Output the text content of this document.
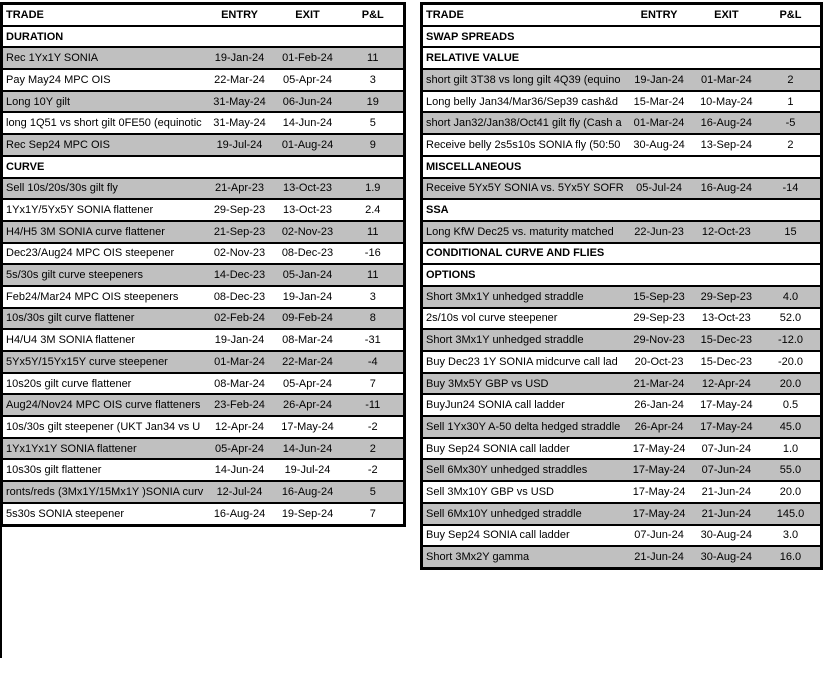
TRADE	ENTRY	EXIT	P&L
DURATION			
Rec 1Yx1Y SONIA	19-Jan-24	01-Feb-24	11
Pay May24 MPC OIS	22-Mar-24	05-Apr-24	3
Long 10Y gilt	31-May-24	06-Jun-24	19
long 1Q51 vs short gilt 0FE50 (equinotic	31-May-24	14-Jun-24	5
Rec Sep24 MPC OIS	19-Jul-24	01-Aug-24	9
CURVE			
Sell 10s/20s/30s gilt fly	21-Apr-23	13-Oct-23	1.9
1Yx1Y/5Yx5Y SONIA flattener	29-Sep-23	13-Oct-23	2.4
H4/H5 3M SONIA curve flattener	21-Sep-23	02-Nov-23	11
Dec23/Aug24 MPC OIS steepener	02-Nov-23	08-Dec-23	-16
5s/30s gilt curve steepeners	14-Dec-23	05-Jan-24	11
Feb24/Mar24 MPC OIS steepeners	08-Dec-23	19-Jan-24	3
10s/30s gilt curve flattener	02-Feb-24	09-Feb-24	8
H4/U4 3M SONIA flattener	19-Jan-24	08-Mar-24	-31
5Yx5Y/15Yx15Y curve steepener	01-Mar-24	22-Mar-24	-4
10s20s gilt curve flattener	08-Mar-24	05-Apr-24	7
Aug24/Nov24 MPC OIS curve flatteners	23-Feb-24	26-Apr-24	-11
10s/30s gilt steepener (UKT Jan34 vs U	12-Apr-24	17-May-24	-2
1Yx1Yx1Y SONIA flattener	05-Apr-24	14-Jun-24	2
10s30s gilt flattener	14-Jun-24	19-Jul-24	-2
ronts/reds (3Mx1Y/15Mx1Y )SONIA curv	12-Jul-24	16-Aug-24	5
5s30s SONIA steepener	16-Aug-24	19-Sep-24	7
TRADE	ENTRY	EXIT	P&L
SWAP SPREADS			
RELATIVE VALUE			
short gilt 3T38 vs long gilt 4Q39 (equino	19-Jan-24	01-Mar-24	2
Long belly Jan34/Mar36/Sep39 cash&d	15-Mar-24	10-May-24	1
short Jan32/Jan38/Oct41 gilt fly (Cash a	01-Mar-24	16-Aug-24	-5
Receive belly 2s5s10s SONIA fly (50:50	30-Aug-24	13-Sep-24	2
MISCELLANEOUS			
Receive 5Yx5Y SONIA vs. 5Yx5Y SOFR	05-Jul-24	16-Aug-24	-14
SSA			
Long KfW Dec25 vs. maturity matched	22-Jun-23	12-Oct-23	15
CONDITIONAL CURVE AND FLIES			
OPTIONS			
Short 3Mx1Y unhedged straddle	15-Sep-23	29-Sep-23	4.0
2s/10s vol curve steepener	29-Sep-23	13-Oct-23	52.0
Short 3Mx1Y unhedged straddle	29-Nov-23	15-Dec-23	-12.0
Buy Dec23 1Y SONIA midcurve call lad	20-Oct-23	15-Dec-23	-20.0
Buy 3Mx5Y GBP vs USD	21-Mar-24	12-Apr-24	20.0
BuyJun24 SONIA call ladder	26-Jan-24	17-May-24	0.5
Sell 1Yx30Y A-50 delta hedged straddle	26-Apr-24	17-May-24	45.0
Buy Sep24 SONIA call ladder	17-May-24	07-Jun-24	1.0
Sell 6Mx30Y unhedged straddles	17-May-24	07-Jun-24	55.0
Sell 3Mx10Y GBP vs USD	17-May-24	21-Jun-24	20.0
Sell 6Mx10Y unhedged straddle	17-May-24	21-Jun-24	145.0
Buy Sep24 SONIA call ladder	07-Jun-24	30-Aug-24	3.0
Short 3Mx2Y gamma	21-Jun-24	30-Aug-24	16.0
